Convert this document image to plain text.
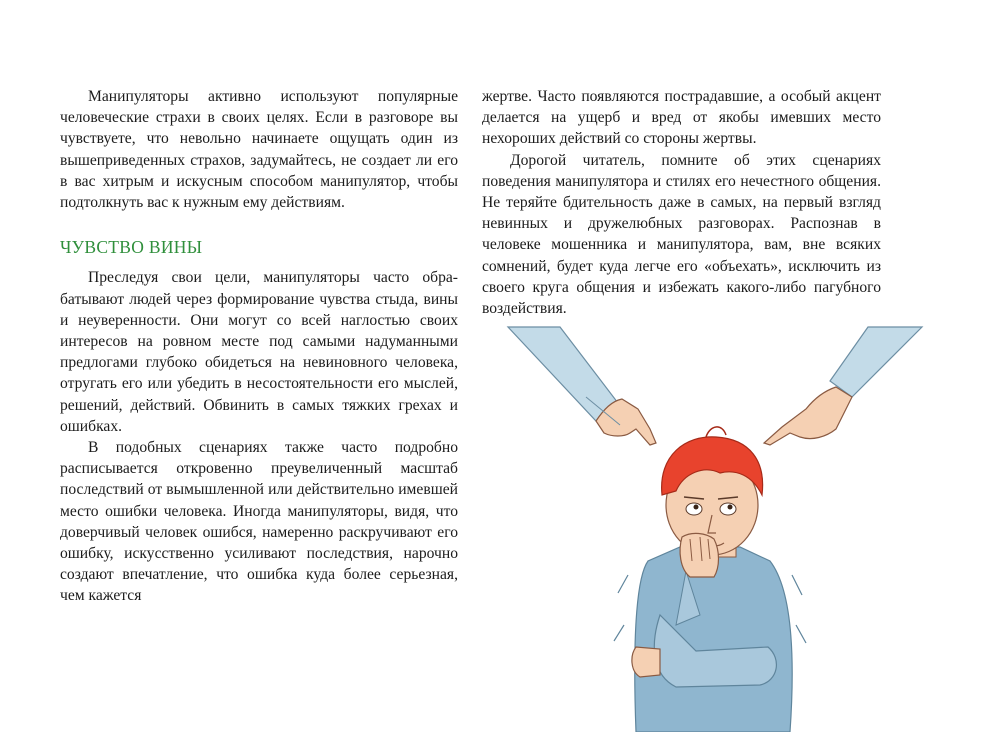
Манипуляторы активно используют популярные человеческие страхи в своих целях. Если в разговоре вы чувствуете, что невольно начинаете ощущать один из вышеприведенных страхов, задумайтесь, не создает ли его в вас хитрым и искусным способом манипулятор, чтобы подтолкнуть вас к нужным ему действиям.

ЧУВСТВО ВИНЫ

Преследуя свои цели, манипуляторы часто обрабатывают людей через формирование чувства стыда, вины и неуверенности. Они могут со всей наглостью своих интересов на ровном месте под самыми надуманными предлогами глубоко обидеться на невиновного человека, отругать его или убедить в несостоятельности его мыслей, решений, действий. Обвинить в самых тяжких грехах и ошибках.

В подобных сценариях также часто подробно расписывается откровенно преувеличенный масштаб последствий от вымышленной или действительно имевшей место ошибки человека. Иногда манипуляторы, видя, что доверчивый человек ошибся, намеренно раскручивают его ошибку, искусственно усиливают последствия, нарочно создают впечатление, что ошибка куда более серьезная, чем кажется

жертве. Часто появляются пострадавшие, а особый акцент делается на ущерб и вред от якобы имевших место нехороших действий со стороны жертвы.

Дорогой читатель, помните об этих сценариях поведения манипулятора и стилях его нечестного общения. Не теряйте бдительность даже в самых, на первый взгляд невинных и дружелюбных разговорах. Распознав в человеке мошенника и манипулятора, вам, вне всяких сомнений, будет куда легче его «объехать», исключить из своего круга общения и избежать какого-либо пагубного воздействия.
